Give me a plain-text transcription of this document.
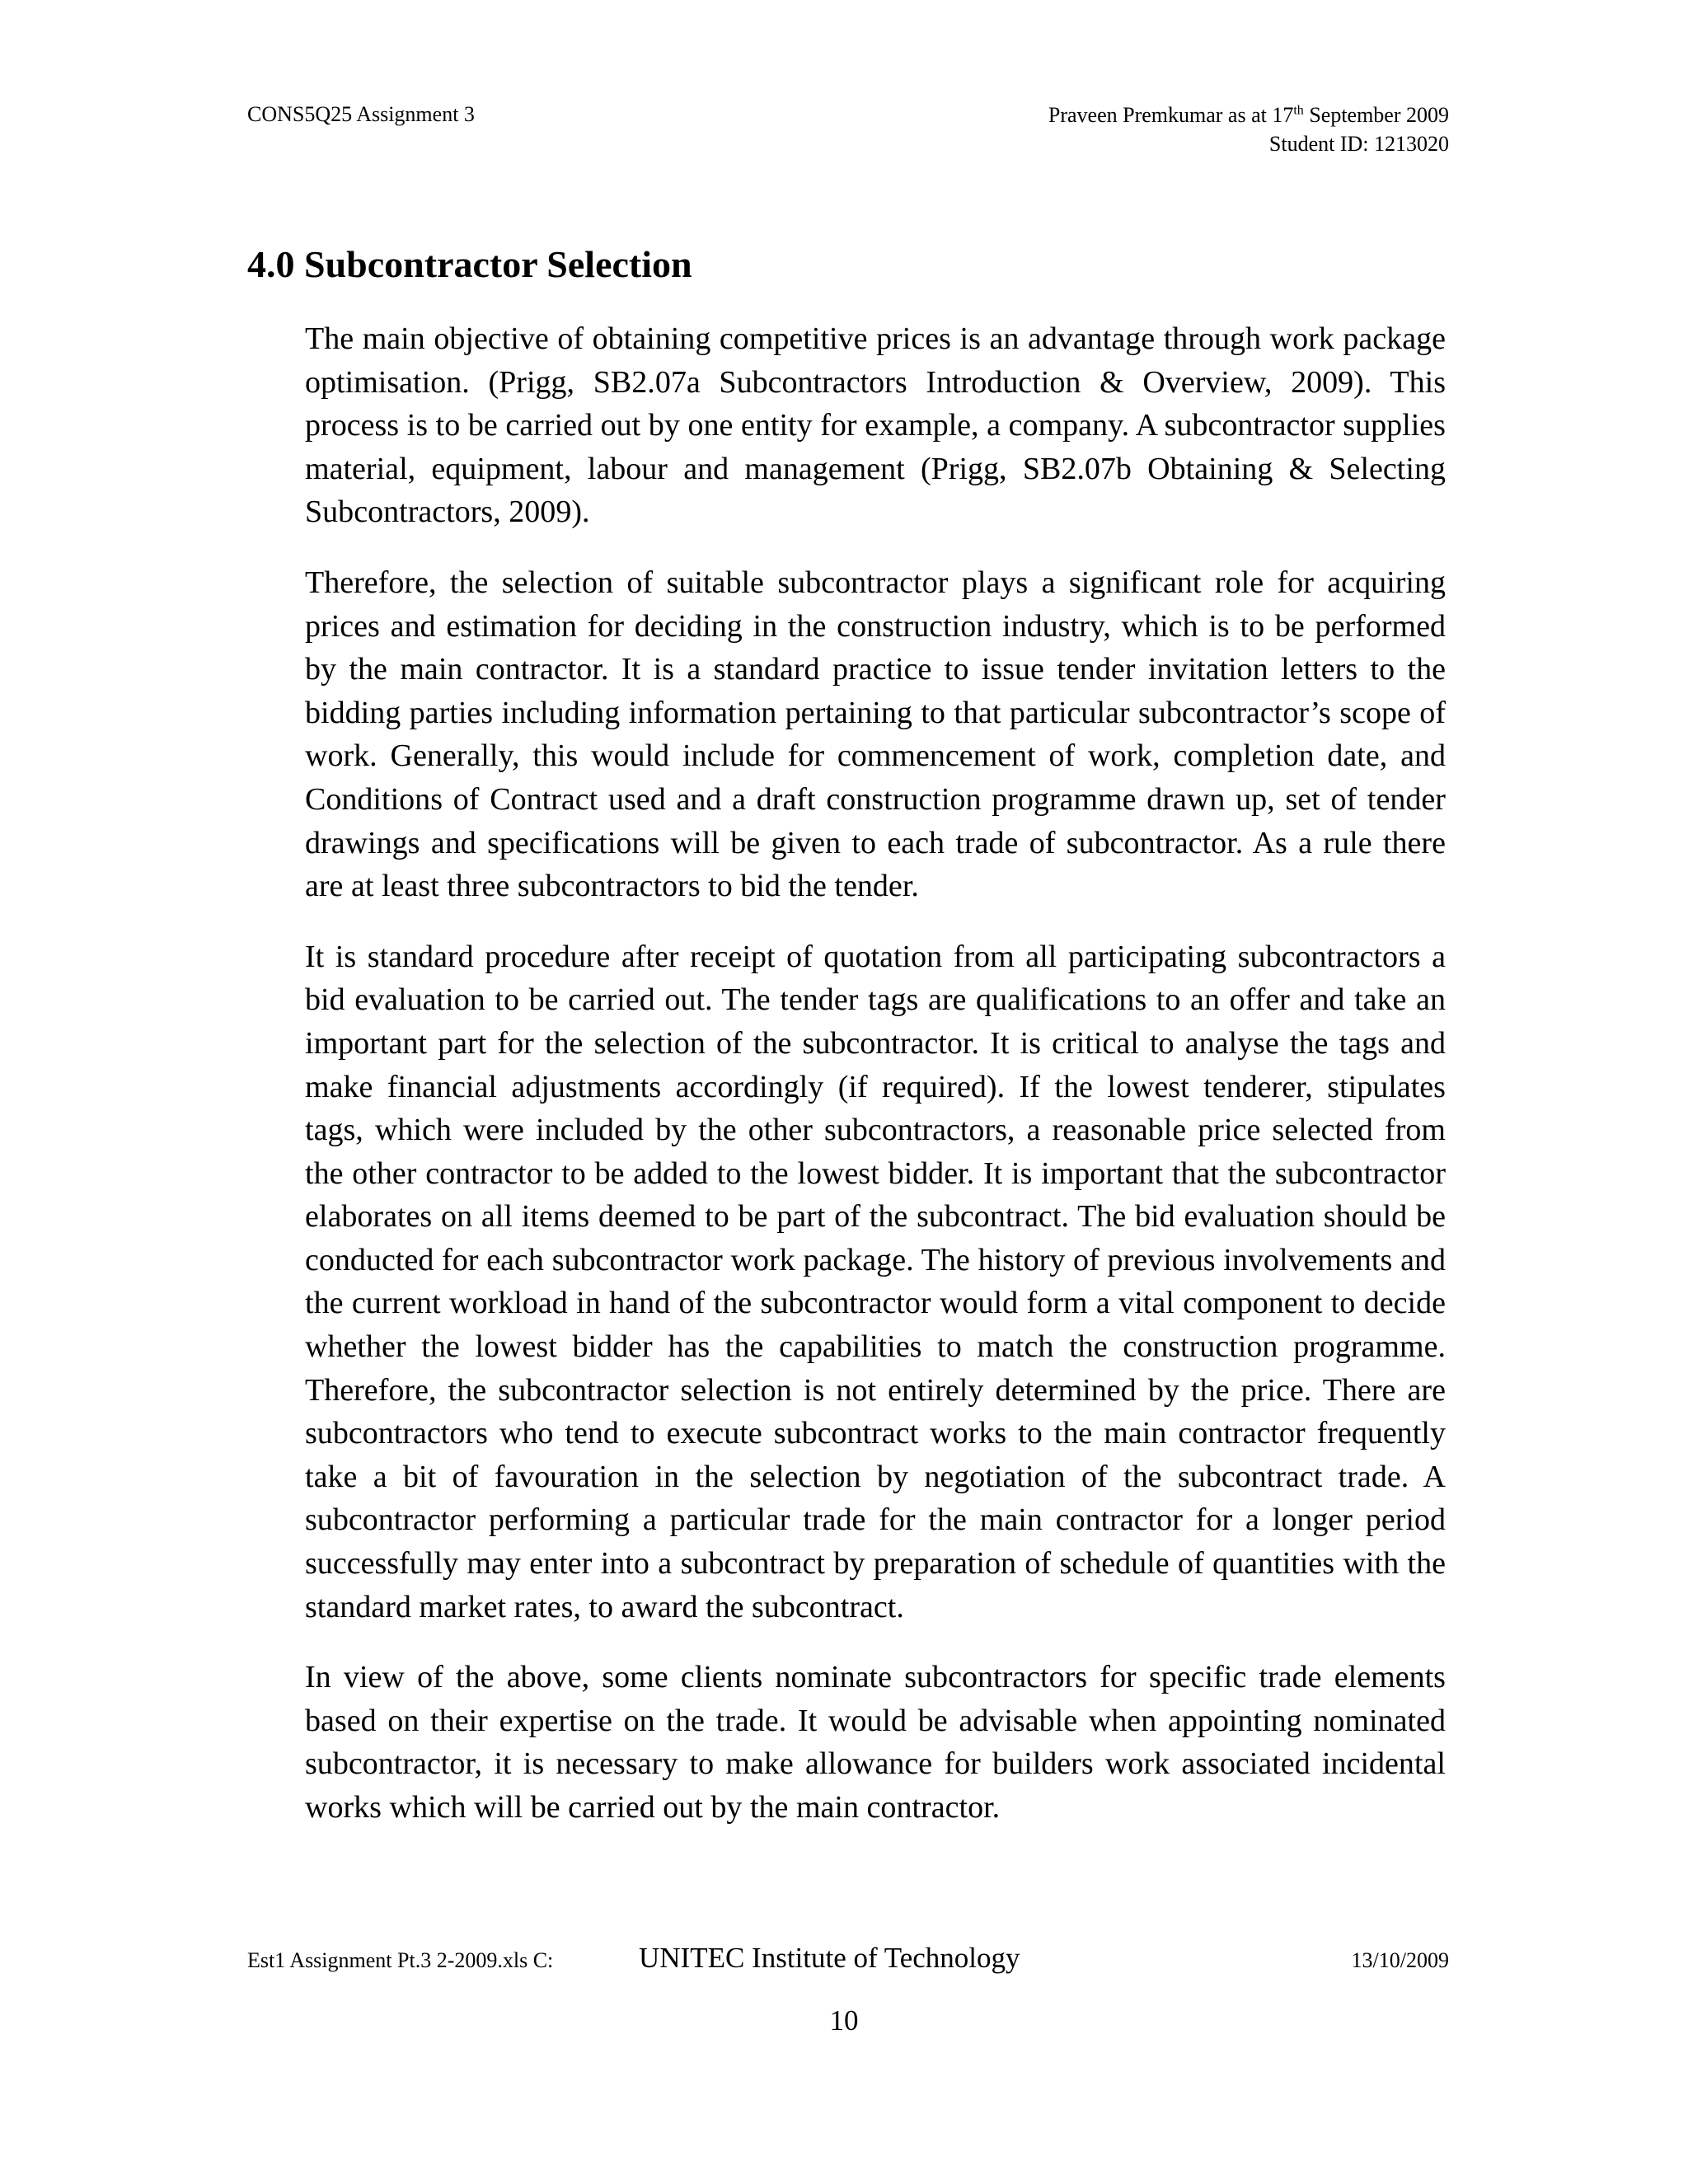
CONS5Q25 Assignment 3	Praveen Premkumar as at 17th September 2009
Student ID: 1213020
4.0 Subcontractor Selection

The main objective of obtaining competitive prices is an advantage through work package optimisation. (Prigg, SB2.07a Subcontractors Introduction & Overview, 2009). This process is to be carried out by one entity for example, a company. A subcontractor supplies material, equipment, labour and management (Prigg, SB2.07b Obtaining & Selecting Subcontractors, 2009).

Therefore, the selection of suitable subcontractor plays a significant role for acquiring prices and estimation for deciding in the construction industry, which is to be performed by the main contractor. It is a standard practice to issue tender invitation letters to the bidding parties including information pertaining to that particular subcontractor’s scope of work. Generally, this would include for commencement of work, completion date, and Conditions of Contract used and a draft construction programme drawn up, set of tender drawings and specifications will be given to each trade of subcontractor. As a rule there are at least three subcontractors to bid the tender.

It is standard procedure after receipt of quotation from all participating subcontractors a bid evaluation to be carried out. The tender tags are qualifications to an offer and take an important part for the selection of the subcontractor. It is critical to analyse the tags and make financial adjustments accordingly (if required). If the lowest tenderer, stipulates tags, which were included by the other subcontractors, a reasonable price selected from the other contractor to be added to the lowest bidder. It is important that the subcontractor elaborates on all items deemed to be part of the subcontract. The bid evaluation should be conducted for each subcontractor work package. The history of previous involvements and the current workload in hand of the subcontractor would form a vital component to decide whether the lowest bidder has the capabilities to match the construction programme. Therefore, the subcontractor selection is not entirely determined by the price. There are subcontractors who tend to execute subcontract works to the main contractor frequently take a bit of favouration in the selection by negotiation of the subcontract trade. A subcontractor performing a particular trade for the main contractor for a longer period successfully may enter into a subcontract by preparation of schedule of quantities with the standard market rates, to award the subcontract.

In view of the above, some clients nominate subcontractors for specific trade elements based on their expertise on the trade. It would be advisable when appointing nominated subcontractor, it is necessary to make allowance for builders work associated incidental works which will be carried out by the main contractor.

Est1 Assignment Pt.3 2-2009.xls C:	UNITEC Institute of Technology	13/10/2009
10
